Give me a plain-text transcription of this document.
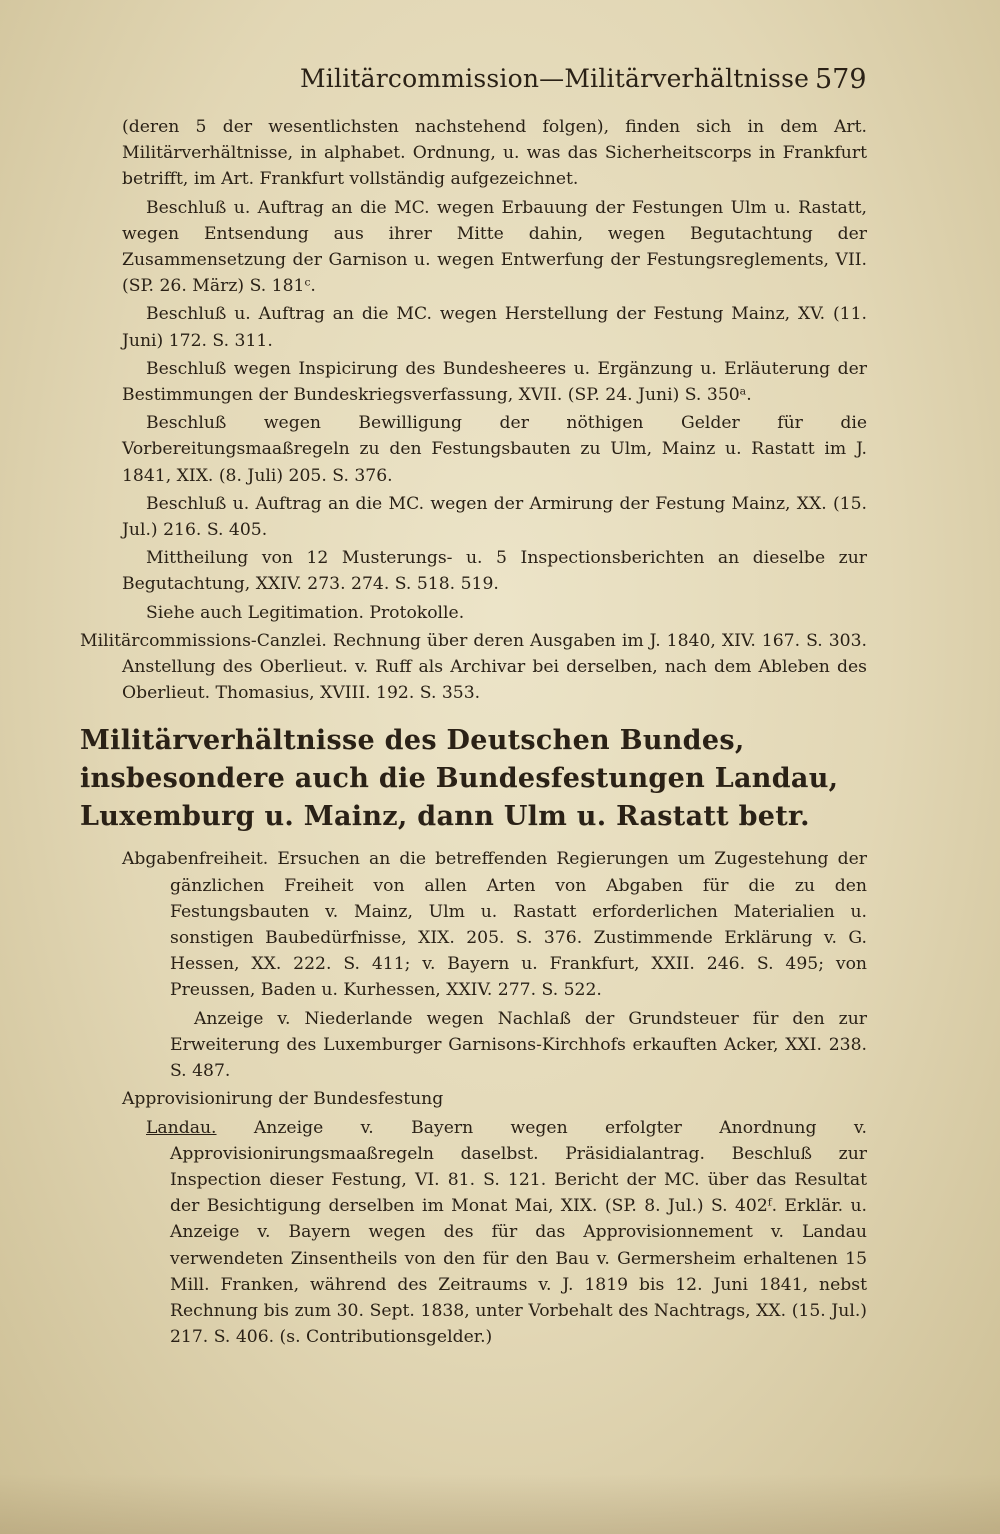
Militärcommission—Militärverhältnisse 579

(deren 5 der wesentlichsten nachstehend folgen), finden sich in dem Art. Militärverhältnisse, in alphabet. Ordnung, u. was das Sicherheitscorps in Frankfurt betrifft, im Art. Frankfurt vollständig aufgezeichnet.

Beschluß u. Auftrag an die MC. wegen Erbauung der Festungen Ulm u. Rastatt, wegen Entsendung aus ihrer Mitte dahin, wegen Begutachtung der Zusammensetzung der Garnison u. wegen Entwerfung der Festungsreglements, VII. (SP. 26. März) S. 181ᶜ.

Beschluß u. Auftrag an die MC. wegen Herstellung der Festung Mainz, XV. (11. Juni) 172. S. 311.

Beschluß wegen Inspicirung des Bundesheeres u. Ergänzung u. Erläuterung der Bestimmungen der Bundeskriegsverfassung, XVII. (SP. 24. Juni) S. 350ᵃ.

Beschluß wegen Bewilligung der nöthigen Gelder für die Vorbereitungsmaaßregeln zu den Festungsbauten zu Ulm, Mainz u. Rastatt im J. 1841, XIX. (8. Juli) 205. S. 376.

Beschluß u. Auftrag an die MC. wegen der Armirung der Festung Mainz, XX. (15. Jul.) 216. S. 405.

Mittheilung von 12 Musterungs- u. 5 Inspectionsberichten an dieselbe zur Begutachtung, XXIV. 273. 274. S. 518. 519.

Siehe auch Legitimation. Protokolle.

Militärcommissions-Canzlei. Rechnung über deren Ausgaben im J. 1840, XIV. 167. S. 303. Anstellung des Oberlieut. v. Ruff als Archivar bei derselben, nach dem Ableben des Oberlieut. Thomasius, XVIII. 192. S. 353.

Militärverhältnisse des Deutschen Bundes, insbesondere auch die Bundesfestungen Landau, Luxemburg u. Mainz, dann Ulm u. Rastatt betr.

Abgabenfreiheit. Ersuchen an die betreffenden Regierungen um Zugestehung der gänzlichen Freiheit von allen Arten von Abgaben für die zu den Festungsbauten v. Mainz, Ulm u. Rastatt erforderlichen Materialien u. sonstigen Baubedürfnisse, XIX. 205. S. 376. Zustimmende Erklärung v. G. Hessen, XX. 222. S. 411; v. Bayern u. Frankfurt, XXII. 246. S. 495; von Preussen, Baden u. Kurhessen, XXIV. 277. S. 522.

Anzeige v. Niederlande wegen Nachlaß der Grundsteuer für den zur Erweiterung des Luxemburger Garnisons-Kirchhofs erkauften Acker, XXI. 238. S. 487.

Approvisionirung der Bundesfestung

Landau. Anzeige v. Bayern wegen erfolgter Anordnung v. Approvisionirungsmaaßregeln daselbst. Präsidialantrag. Beschluß zur Inspection dieser Festung, VI. 81. S. 121. Bericht der MC. über das Resultat der Besichtigung derselben im Monat Mai, XIX. (SP. 8. Jul.) S. 402ᶠ. Erklär. u. Anzeige v. Bayern wegen des für das Approvisionnement v. Landau verwendeten Zinsentheils von den für den Bau v. Germersheim erhaltenen 15 Mill. Franken, während des Zeitraums v. J. 1819 bis 12. Juni 1841, nebst Rechnung bis zum 30. Sept. 1838, unter Vorbehalt des Nachtrags, XX. (15. Jul.) 217. S. 406. (s. Contributionsgelder.)
